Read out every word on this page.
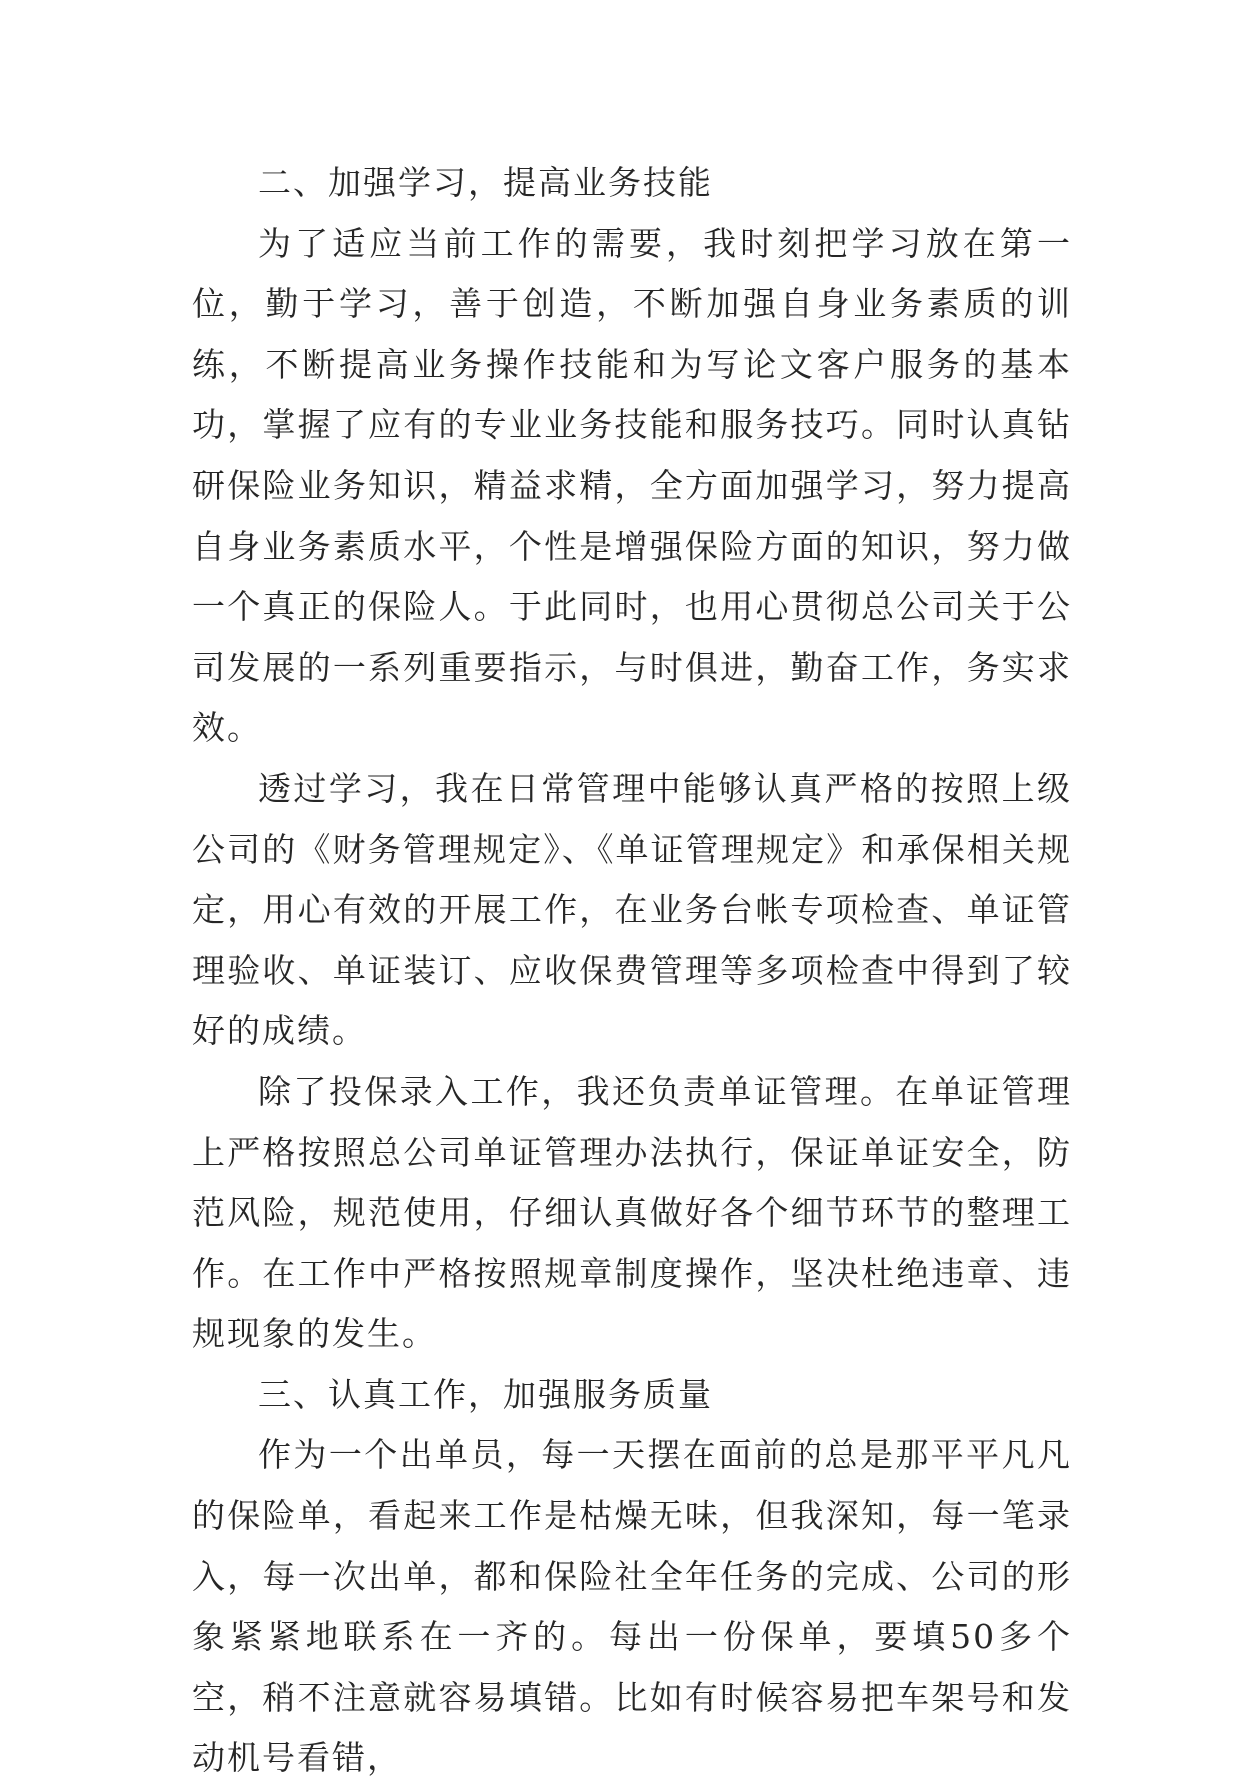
二、加强学习，提高业务技能

为了适应当前工作的需要，我时刻把学习放在第一位，勤于学习，善于创造，不断加强自身业务素质的训练，不断提高业务操作技能和为写论文客户服务的基本功，掌握了应有的专业业务技能和服务技巧。同时认真钻研保险业务知识，精益求精，全方面加强学习，努力提高自身业务素质水平，个性是增强保险方面的知识，努力做一个真正的保险人。于此同时，也用心贯彻总公司关于公司发展的一系列重要指示，与时俱进，勤奋工作，务实求效。

透过学习，我在日常管理中能够认真严格的按照上级公司的《财务管理规定》、《单证管理规定》和承保相关规定，用心有效的开展工作，在业务台帐专项检查、单证管理验收、单证装订、应收保费管理等多项检查中得到了较好的成绩。

除了投保录入工作，我还负责单证管理。在单证管理上严格按照总公司单证管理办法执行，保证单证安全，防范风险，规范使用，仔细认真做好各个细节环节的整理工作。在工作中严格按照规章制度操作，坚决杜绝违章、违规现象的发生。

三、认真工作，加强服务质量

作为一个出单员，每一天摆在面前的总是那平平凡凡的保险单，看起来工作是枯燥无味，但我深知，每一笔录入，每一次出单，都和保险社全年任务的完成、公司的形象紧紧地联系在一齐的。每出一份保单，要填50多个空，稍不注意就容易填错。比如有时候容易把车架号和发动机号看错，
